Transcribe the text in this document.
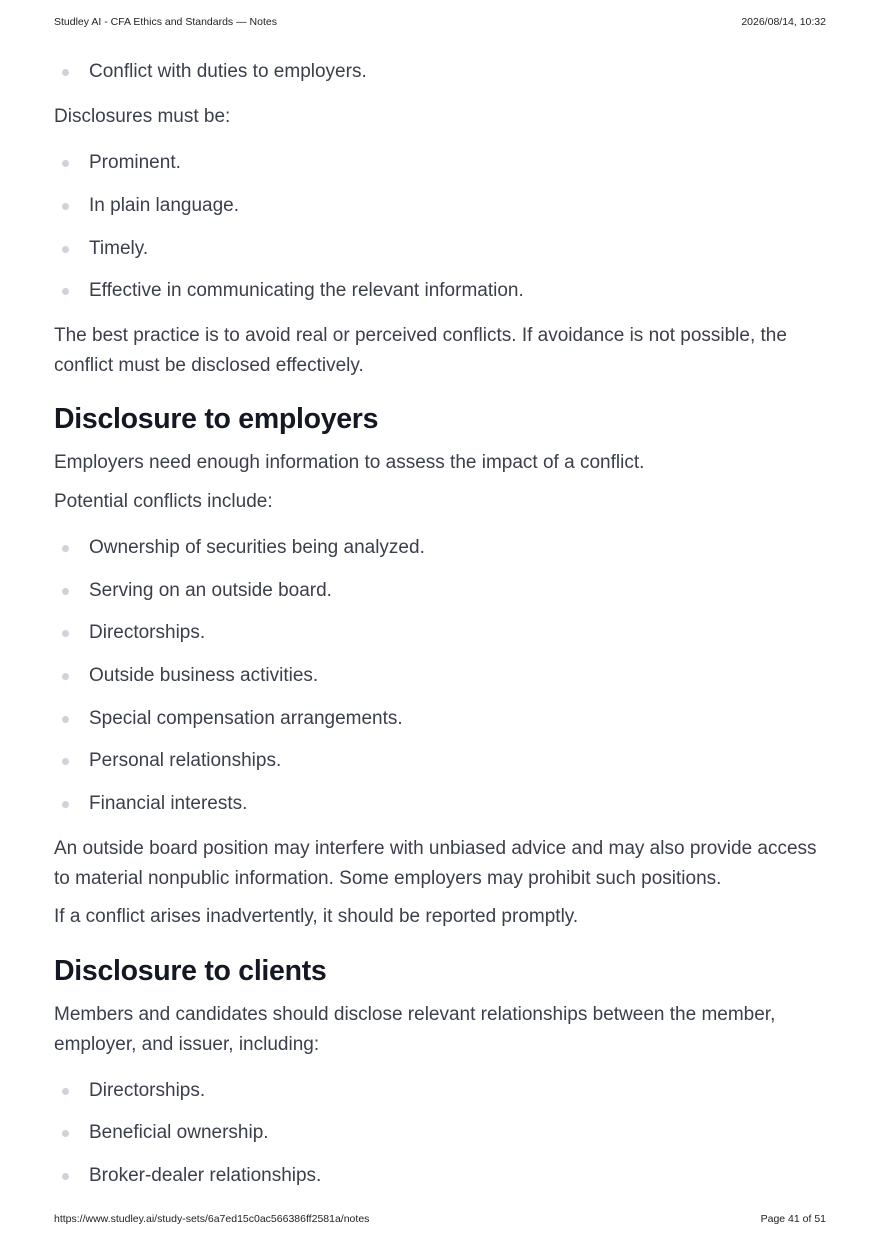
Studley AI - CFA Ethics and Standards — Notes	2026/08/14, 10:32
Conflict with duties to employers.

Disclosures must be:

Prominent.
In plain language.
Timely.
Effective in communicating the relevant information.

The best practice is to avoid real or perceived conflicts. If avoidance is not possible, the conflict must be disclosed effectively.

Disclosure to employers

Employers need enough information to assess the impact of a conflict.

Potential conflicts include:

Ownership of securities being analyzed.
Serving on an outside board.
Directorships.
Outside business activities.
Special compensation arrangements.
Personal relationships.
Financial interests.

An outside board position may interfere with unbiased advice and may also provide access to material nonpublic information. Some employers may prohibit such positions.

If a conflict arises inadvertently, it should be reported promptly.

Disclosure to clients

Members and candidates should disclose relevant relationships between the member, employer, and issuer, including:

Directorships.
Beneficial ownership.
Broker-dealer relationships.
https://www.studley.ai/study-sets/6a7ed15c0ac566386ff2581a/notes	Page 41 of 51
